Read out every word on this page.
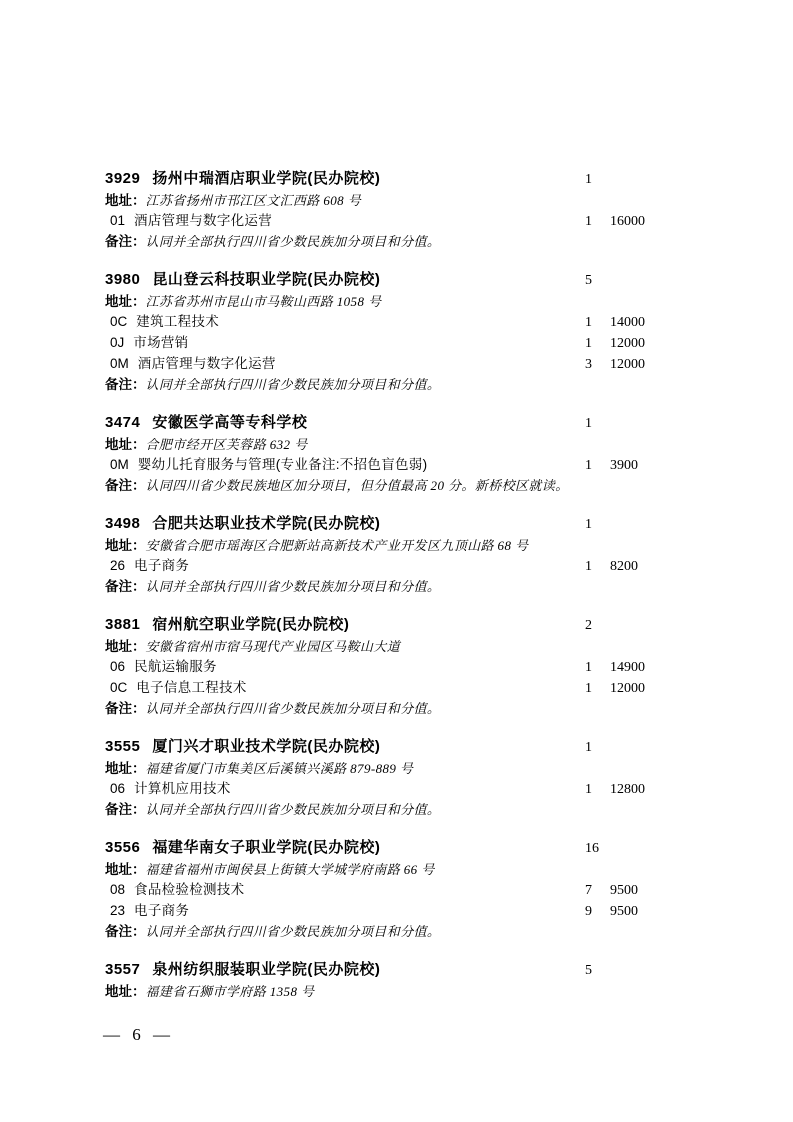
3929 扬州中瑞酒店职业学院(民办院校)	1
地址： 江苏省扬州市邗江区文汇西路 608 号
01 酒店管理与数字化运营	1	16000
备注： 认同并全部执行四川省少数民族加分项目和分值。
3980 昆山登云科技职业学院(民办院校)	5
地址： 江苏省苏州市昆山市马鞍山西路 1058 号
0C 建筑工程技术	1	14000
0J 市场营销	1	12000
0M 酒店管理与数字化运营	3	12000
备注： 认同并全部执行四川省少数民族加分项目和分值。
3474 安徽医学高等专科学校	1
地址： 合肥市经开区芙蓉路 632 号
0M 婴幼儿托育服务与管理(专业备注:不招色盲色弱)	1	3900
备注： 认同四川省少数民族地区加分项目，但分值最高 20 分。新桥校区就读。
3498 合肥共达职业技术学院(民办院校)	1
地址： 安徽省合肥市瑶海区合肥新站高新技术产业开发区九顶山路 68 号
26 电子商务	1	8200
备注： 认同并全部执行四川省少数民族加分项目和分值。
3881 宿州航空职业学院(民办院校)	2
地址： 安徽省宿州市宿马现代产业园区马鞍山大道
06 民航运输服务	1	14900
0C 电子信息工程技术	1	12000
备注： 认同并全部执行四川省少数民族加分项目和分值。
3555 厦门兴才职业技术学院(民办院校)	1
地址： 福建省厦门市集美区后溪镇兴溪路 879-889 号
06 计算机应用技术	1	12800
备注： 认同并全部执行四川省少数民族加分项目和分值。
3556 福建华南女子职业学院(民办院校)	16
地址： 福建省福州市闽侯县上街镇大学城学府南路 66 号
08 食品检验检测技术	7	9500
23 电子商务	9	9500
备注： 认同并全部执行四川省少数民族加分项目和分值。
3557 泉州纺织服装职业学院(民办院校)	5
地址： 福建省石狮市学府路 1358 号
— 6 —
